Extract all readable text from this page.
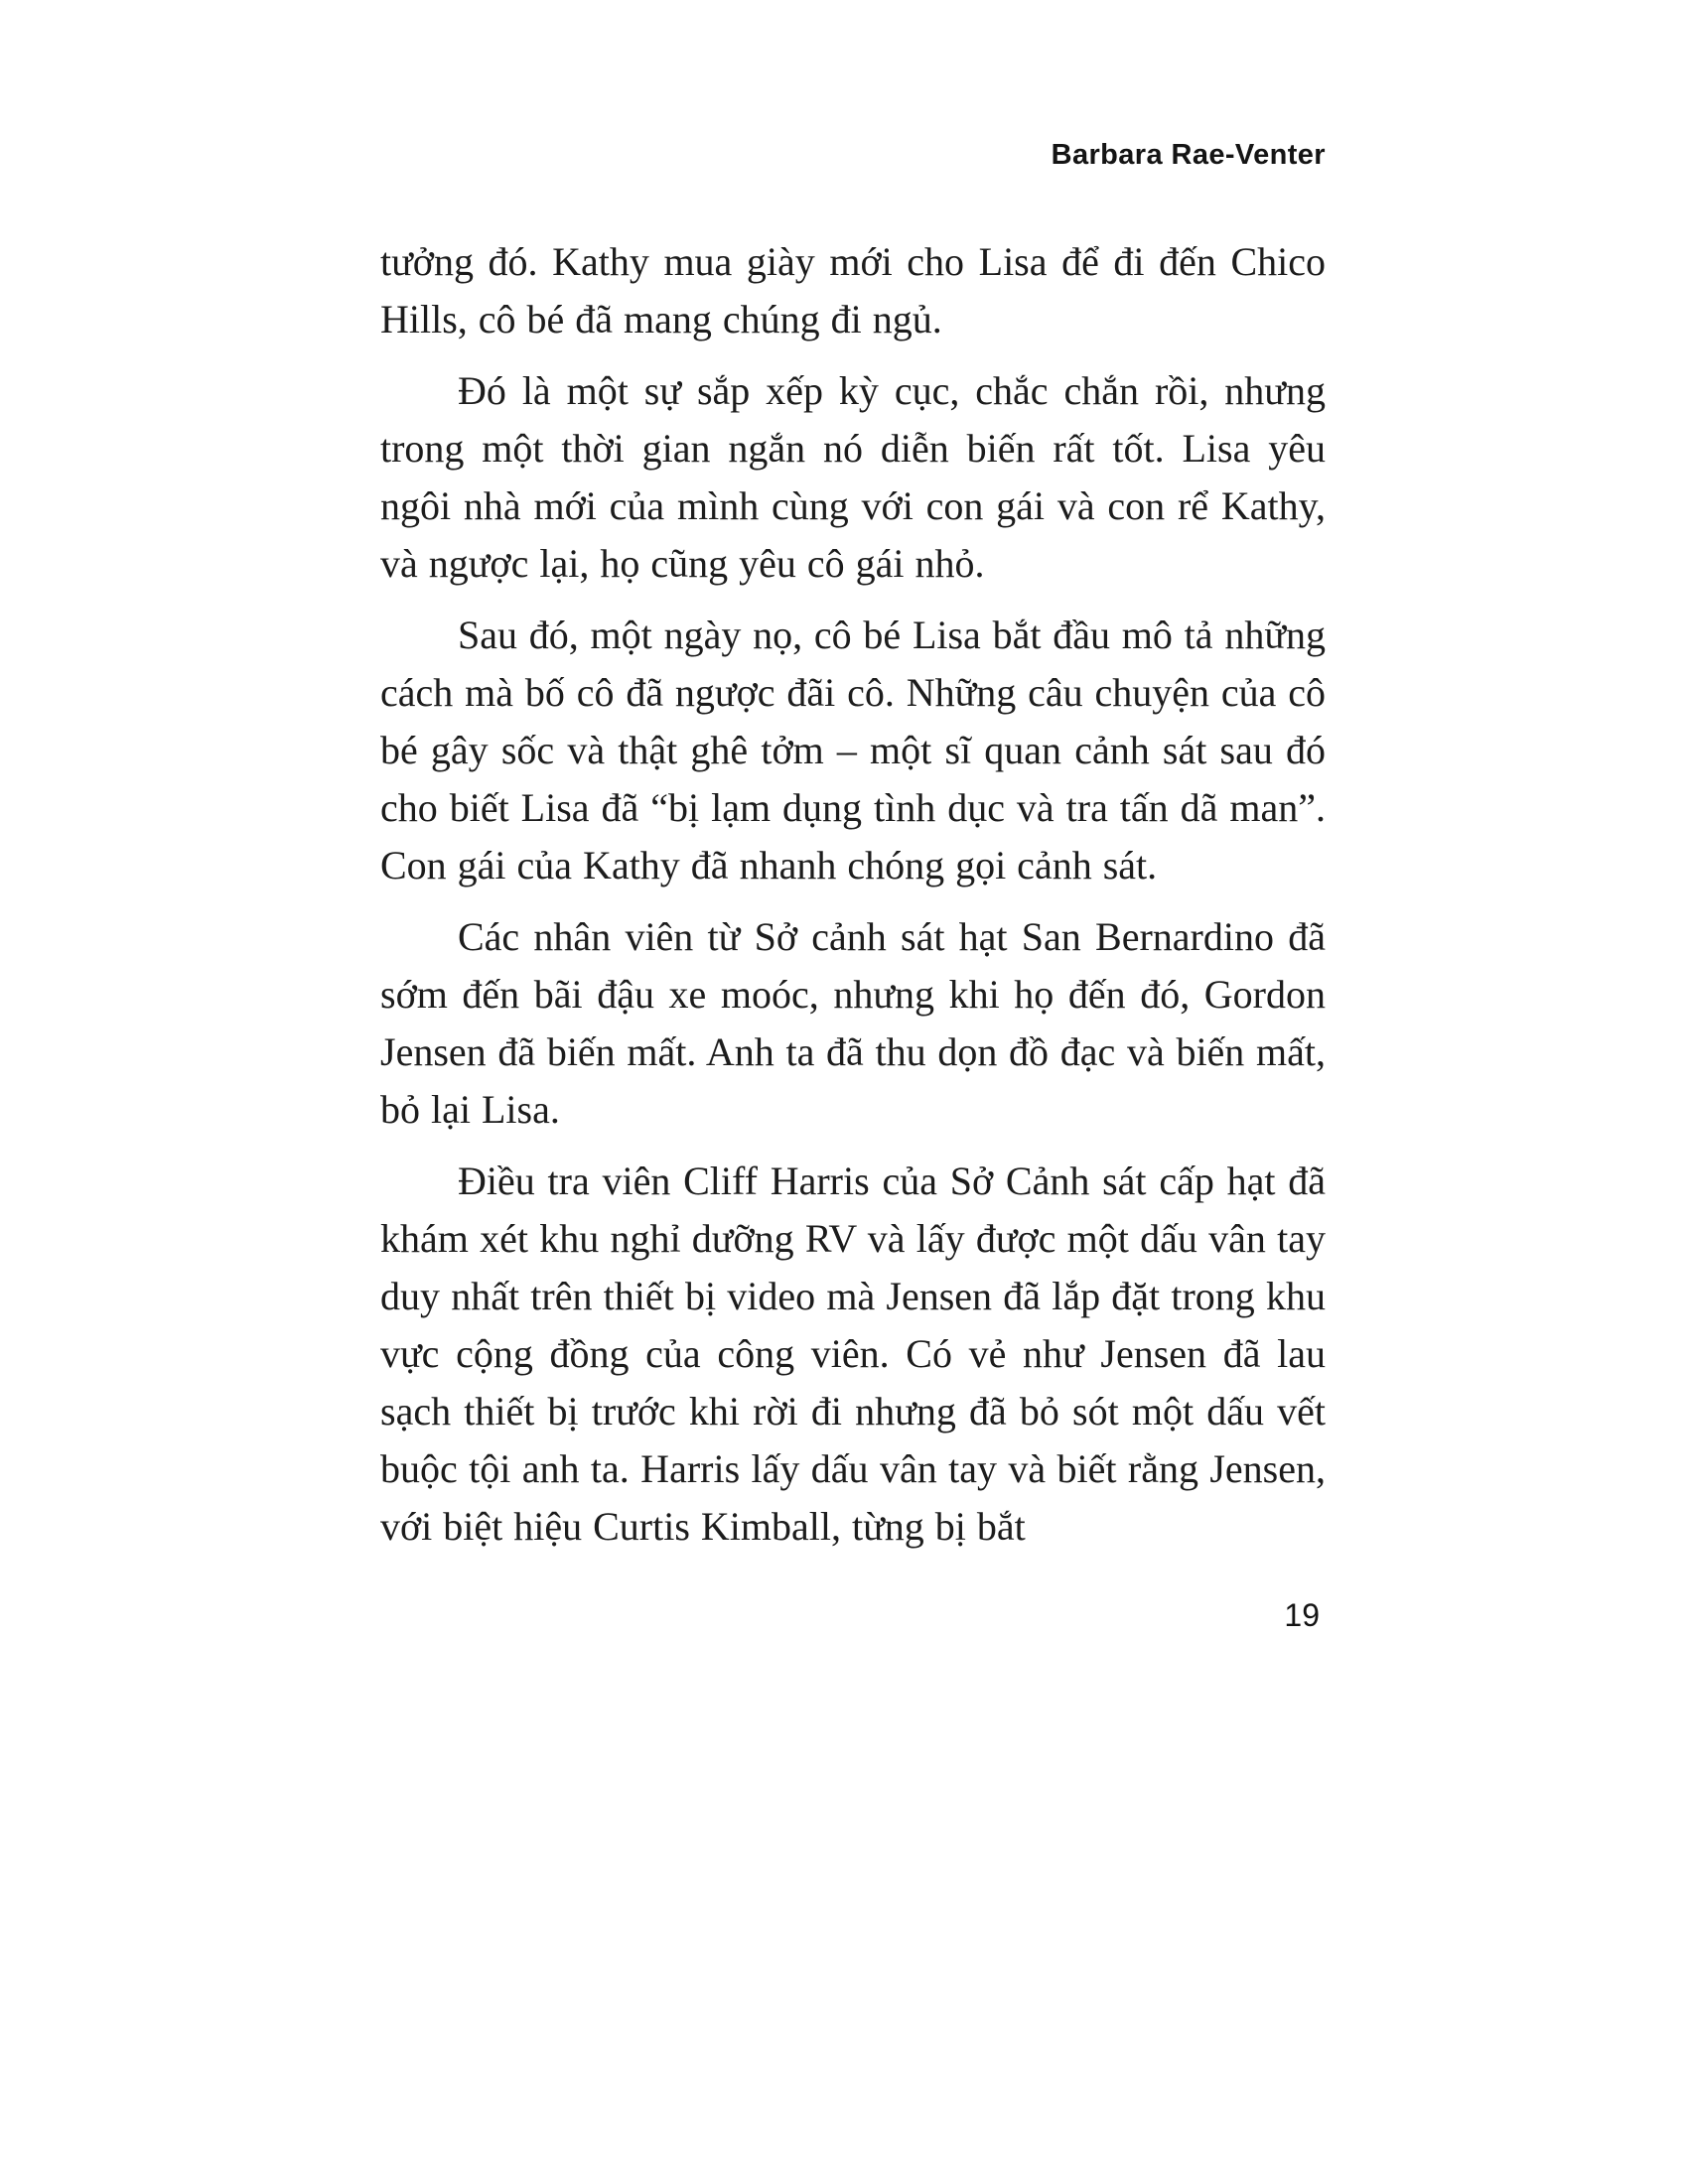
Barbara Rae-Venter

tưởng đó. Kathy mua giày mới cho Lisa để đi đến Chico Hills, cô bé đã mang chúng đi ngủ.

Đó là một sự sắp xếp kỳ cục, chắc chắn rồi, nhưng trong một thời gian ngắn nó diễn biến rất tốt. Lisa yêu ngôi nhà mới của mình cùng với con gái và con rể Kathy, và ngược lại, họ cũng yêu cô gái nhỏ.

Sau đó, một ngày nọ, cô bé Lisa bắt đầu mô tả những cách mà bố cô đã ngược đãi cô. Những câu chuyện của cô bé gây sốc và thật ghê tởm – một sĩ quan cảnh sát sau đó cho biết Lisa đã “bị lạm dụng tình dục và tra tấn dã man”. Con gái của Kathy đã nhanh chóng gọi cảnh sát.

Các nhân viên từ Sở cảnh sát hạt San Bernardino đã sớm đến bãi đậu xe moóc, nhưng khi họ đến đó, Gordon Jensen đã biến mất. Anh ta đã thu dọn đồ đạc và biến mất, bỏ lại Lisa.

Điều tra viên Cliff Harris của Sở Cảnh sát cấp hạt đã khám xét khu nghỉ dưỡng RV và lấy được một dấu vân tay duy nhất trên thiết bị video mà Jensen đã lắp đặt trong khu vực cộng đồng của công viên. Có vẻ như Jensen đã lau sạch thiết bị trước khi rời đi nhưng đã bỏ sót một dấu vết buộc tội anh ta. Harris lấy dấu vân tay và biết rằng Jensen, với biệt hiệu Curtis Kimball, từng bị bắt

19
